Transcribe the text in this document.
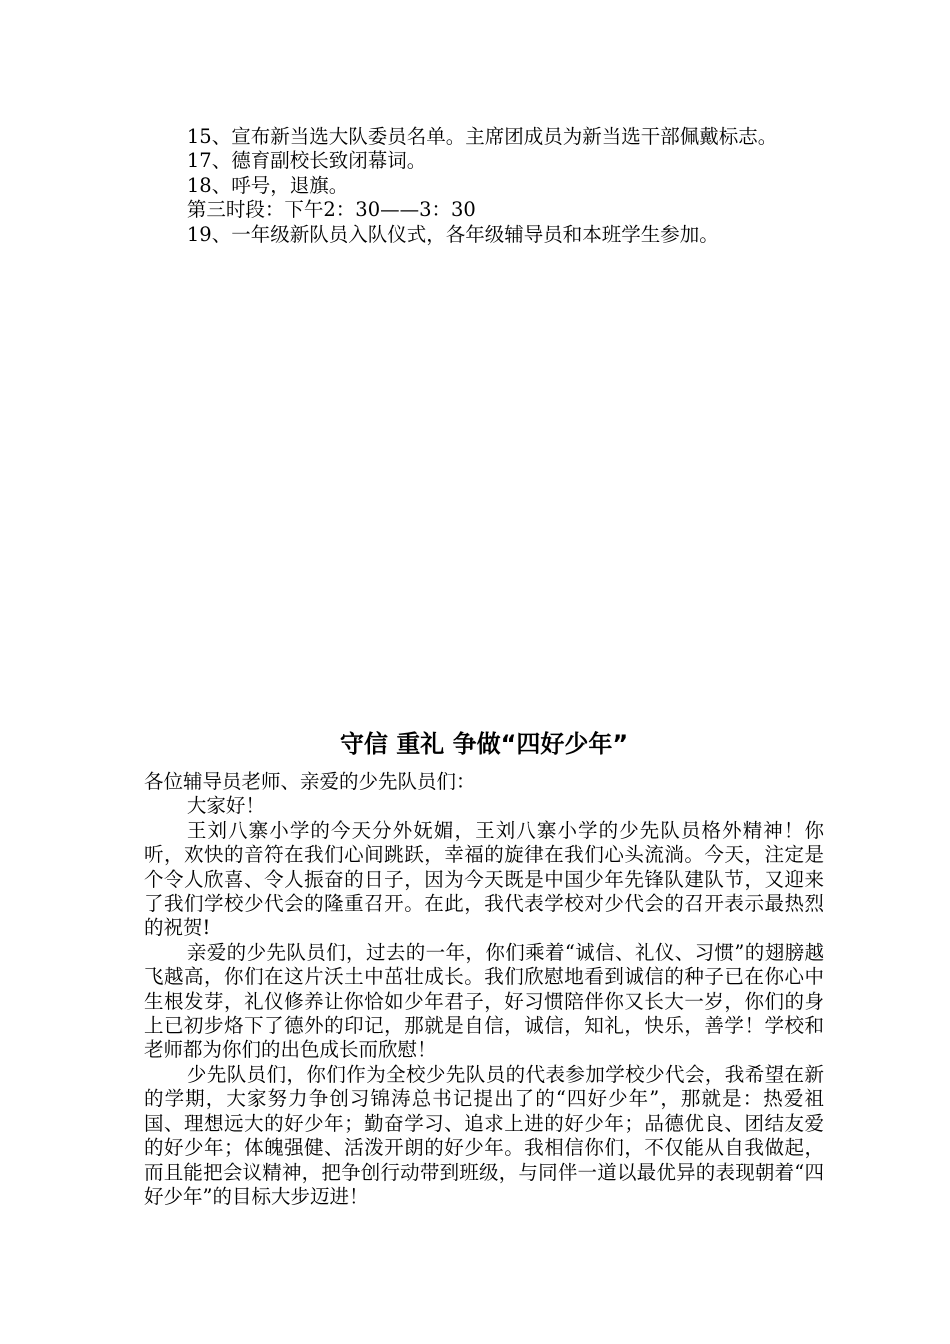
15、宣布新当选大队委员名单。主席团成员为新当选干部佩戴标志。

17、德育副校长致闭幕词。

18、呼号，退旗。

第三时段：下午2：30——3：30

19、一年级新队员入队仪式，各年级辅导员和本班学生参加。

守信 重礼 争做“四好少年”

各位辅导员老师、亲爱的少先队员们：

大家好！

王刘八寨小学的今天分外妩媚，王刘八寨小学的少先队员格外精神！你听，欢快的音符在我们心间跳跃，幸福的旋律在我们心头流淌。今天，注定是个令人欣喜、令人振奋的日子，因为今天既是中国少年先锋队建队节，又迎来了我们学校少代会的隆重召开。在此，我代表学校对少代会的召开表示最热烈的祝贺!

亲爱的少先队员们，过去的一年，你们乘着“诚信、礼仪、习惯”的翅膀越飞越高，你们在这片沃土中茁壮成长。我们欣慰地看到诚信的种子已在你心中生根发芽，礼仪修养让你恰如少年君子，好习惯陪伴你又长大一岁，你们的身上已初步烙下了德外的印记，那就是自信，诚信，知礼，快乐，善学！学校和老师都为你们的出色成长而欣慰！

少先队员们，你们作为全校少先队员的代表参加学校少代会，我希望在新的学期，大家努力争创习锦涛总书记提出了的“四好少年”，那就是：热爱祖国、理想远大的好少年；勤奋学习、追求上进的好少年；品德优良、团结友爱的好少年；体魄强健、活泼开朗的好少年。我相信你们，不仅能从自我做起，而且能把会议精神，把争创行动带到班级，与同伴一道以最优异的表现朝着“四好少年”的目标大步迈进！
